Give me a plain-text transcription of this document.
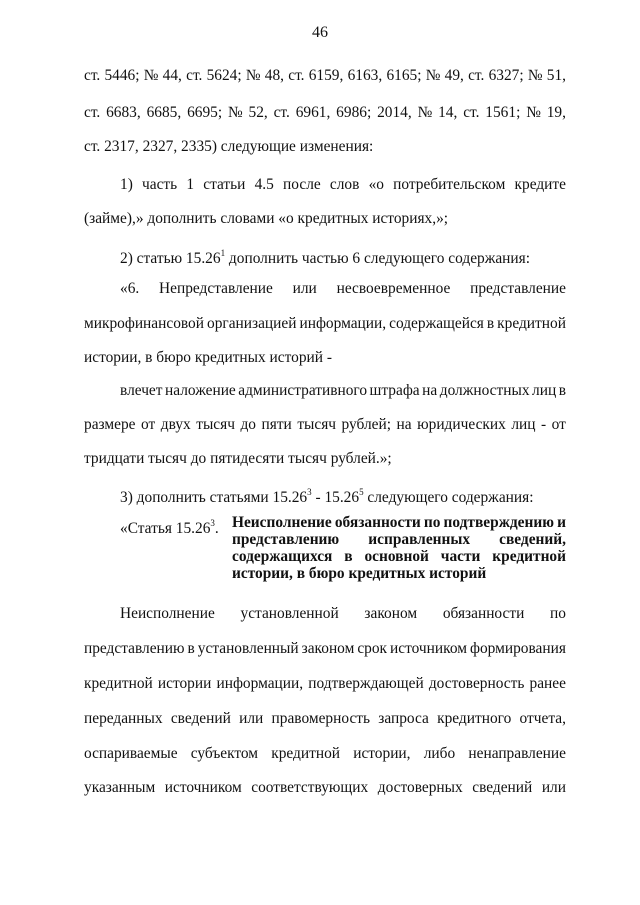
46
ст. 5446; № 44, ст. 5624; № 48, ст. 6159, 6163, 6165; № 49, ст. 6327; № 51,
ст. 6683, 6685, 6695; № 52, ст. 6961, 6986; 2014, № 14, ст. 1561; № 19,
ст. 2317, 2327, 2335) следующие изменения:
1) часть 1 статьи 4.5 после слов «о потребительском кредите
(займе),» дополнить словами «о кредитных историях,»;
2) статью 15.26$^1$ дополнить частью 6 следующего содержания:
«6. Непредставление или несвоевременное представление
микрофинансовой организацией информации, содержащейся в кредитной
истории, в бюро кредитных историй -
влечет наложение административного штрафа на должностных лиц в
размере от двух тысяч до пяти тысяч рублей; на юридических лиц - от
тридцати тысяч до пятидесяти тысяч рублей.»;
3) дополнить статьями 15.26$^3$ - 15.26$^5$ следующего содержания:
«Статья 15.26$^3$. Неисполнение обязанности по подтверждению и
представлению исправленных сведений,
содержащихся в основной части кредитной
истории, в бюро кредитных историй
Неисполнение установленной законом обязанности по
представлению в установленный законом срок источником формирования
кредитной истории информации, подтверждающей достоверность ранее
переданных сведений или правомерность запроса кредитного отчета,
оспариваемые субъектом кредитной истории, либо ненаправление
указанным источником соответствующих достоверных сведений или
